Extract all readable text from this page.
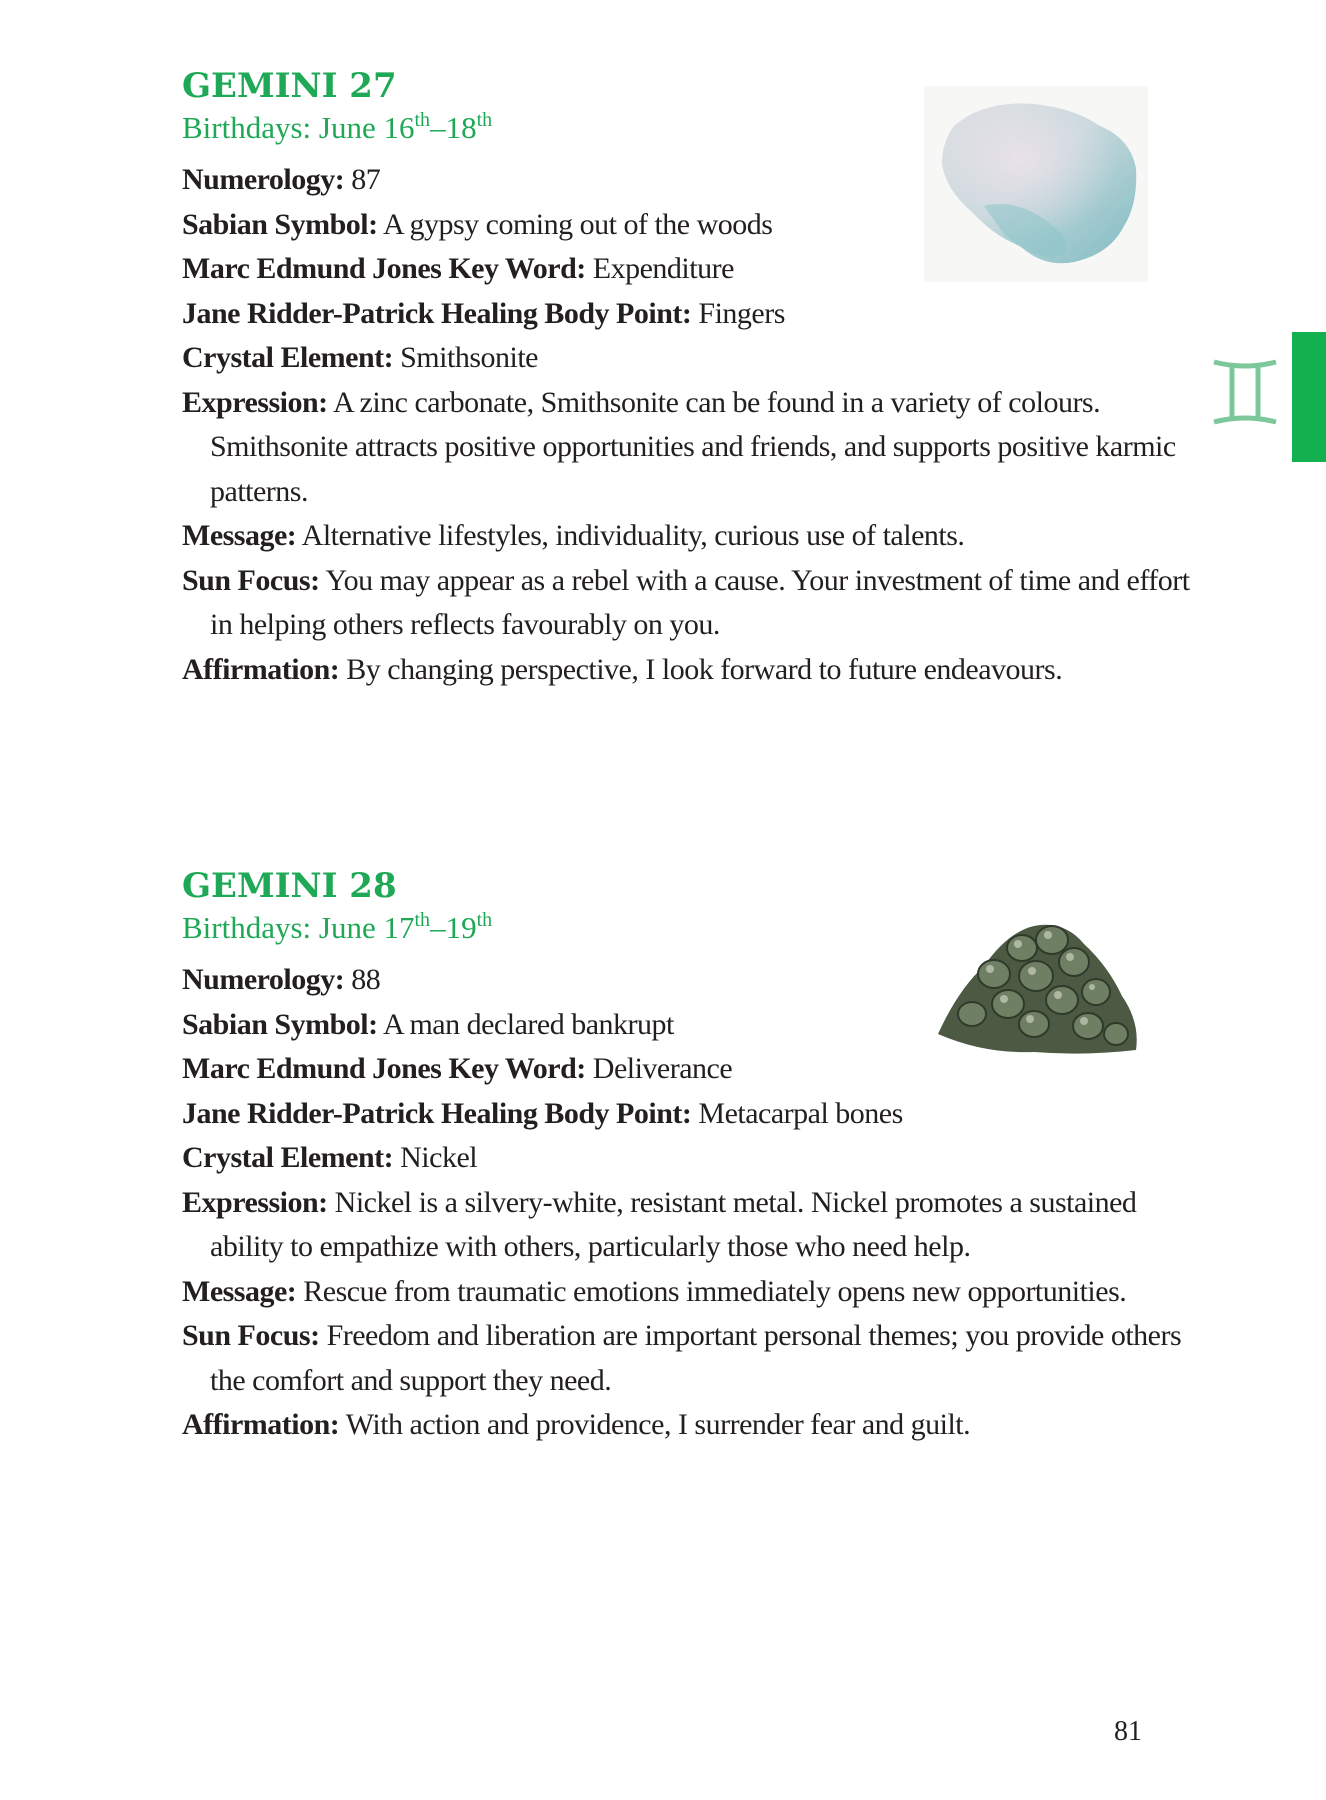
GEMINI 27
Birthdays: June 16th–18th
Numerology: 87
Sabian Symbol: A gypsy coming out of the woods
Marc Edmund Jones Key Word: Expenditure
Jane Ridder-Patrick Healing Body Point: Fingers
Crystal Element: Smithsonite
Expression: A zinc carbonate, Smithsonite can be found in a variety of colours. Smithsonite attracts positive opportunities and friends, and supports positive karmic patterns.
Message: Alternative lifestyles, individuality, curious use of talents.
Sun Focus: You may appear as a rebel with a cause. Your investment of time and effort in helping others reflects favourably on you.
Affirmation: By changing perspective, I look forward to future endeavours.
GEMINI 28
Birthdays: June 17th–19th
Numerology: 88
Sabian Symbol: A man declared bankrupt
Marc Edmund Jones Key Word: Deliverance
Jane Ridder-Patrick Healing Body Point: Metacarpal bones
Crystal Element: Nickel
Expression: Nickel is a silvery-white, resistant metal. Nickel promotes a sustained ability to empathize with others, particularly those who need help.
Message: Rescue from traumatic emotions immediately opens new opportunities.
Sun Focus: Freedom and liberation are important personal themes; you provide others the comfort and support they need.
Affirmation: With action and providence, I surrender fear and guilt.
81
